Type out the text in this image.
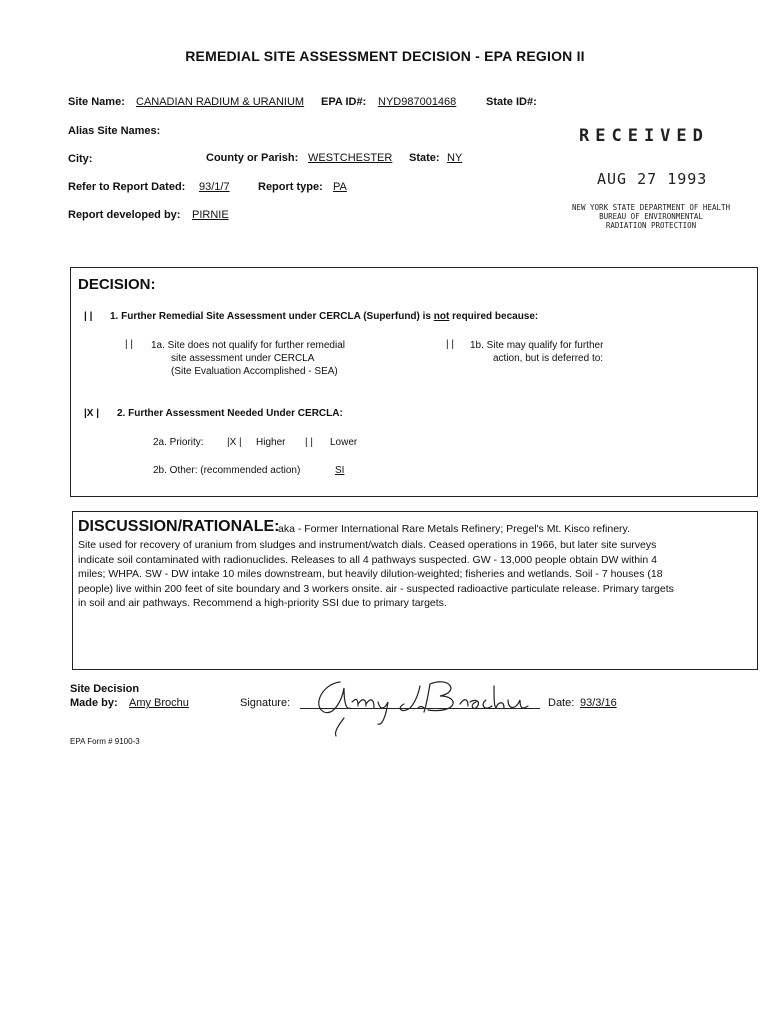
REMEDIAL SITE ASSESSMENT DECISION - EPA REGION II
Site Name: CANADIAN RADIUM & URANIUM EPA ID#: NYD987001468	State ID#:
Alias Site Names:
City:	County or Parish: WESTCHESTER State: NY
Refer to Report Dated: 93/1/7	Report type: PA
Report developed by: PIRNIE
RECEIVED
AUG 27 1993
NEW YORK STATE DEPARTMENT OF HEALTH
BUREAU OF ENVIRONMENTAL
RADIATION PROTECTION
DECISION:
| | 1. Further Remedial Site Assessment under CERCLA (Superfund) is not required because:
| | 1a. Site does not qualify for further remedial
site assessment under CERCLA
(Site Evaluation Accomplished - SEA)
| | 1b. Site may qualify for further
action, but is deferred to:
|X | 2. Further Assessment Needed Under CERCLA:
2a. Priority: |X | Higher | | Lower
2b. Other: (recommended action)	SI
DISCUSSION/RATIONALE:
aka - Former International Rare Metals Refinery; Pregel's Mt. Kisco refinery.
Site used for recovery of uranium from sludges and instrument/watch dials. Ceased operations in 1966, but later site surveys
indicate soil contaminated with radionuclides. Releases to all 4 pathways suspected. GW - 13,000 people obtain DW within 4
miles; WHPA. SW - DW intake 10 miles downstream, but heavily dilution-weighted; fisheries and wetlands. Soil - 7 houses (18
people) live within 200 feet of site boundary and 3 workers onsite. air - suspected radioactive particulate release. Primary targets
in soil and air pathways. Recommend a high-priority SSI due to primary targets.
Site Decision
Made by: Amy Brochu	Signature:	Date: 93/3/16
EPA Form # 9100-3
